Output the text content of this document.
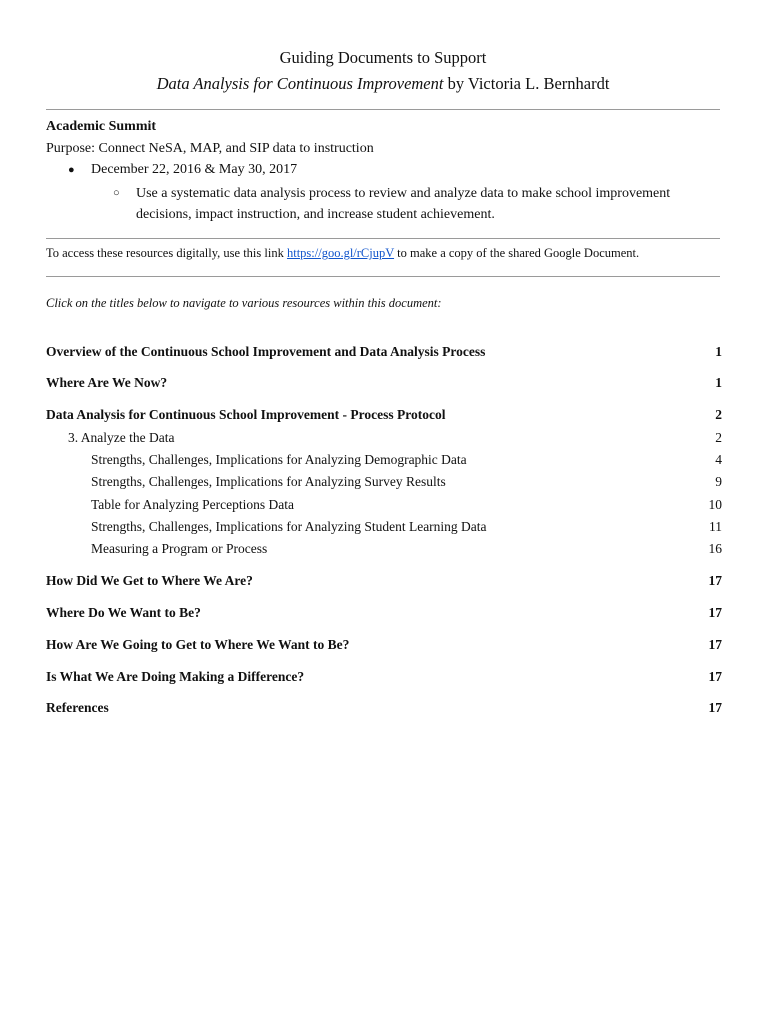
Guiding Documents to Support
Data Analysis for Continuous Improvement by Victoria L. Bernhardt
Academic Summit
Purpose: Connect NeSA, MAP, and SIP data to instruction
● December 22, 2016 & May 30, 2017
○ Use a systematic data analysis process to review and analyze data to make school improvement decisions, impact instruction, and increase student achievement.
To access these resources digitally, use this link https://goo.gl/rCjupV to make a copy of the shared Google Document.
Click on the titles below to navigate to various resources within this document:
Overview of the Continuous School Improvement and Data Analysis Process	1
Where Are We Now?	1
Data Analysis for Continuous School Improvement - Process Protocol	2
3. Analyze the Data	2
Strengths, Challenges, Implications for Analyzing Demographic Data	4
Strengths, Challenges, Implications for Analyzing Survey Results	9
Table for Analyzing Perceptions Data	10
Strengths, Challenges, Implications for Analyzing Student Learning Data	11
Measuring a Program or Process	16
How Did We Get to Where We Are?	17
Where Do We Want to Be?	17
How Are We Going to Get to Where We Want to Be?	17
Is What We Are Doing Making a Difference?	17
References	17
